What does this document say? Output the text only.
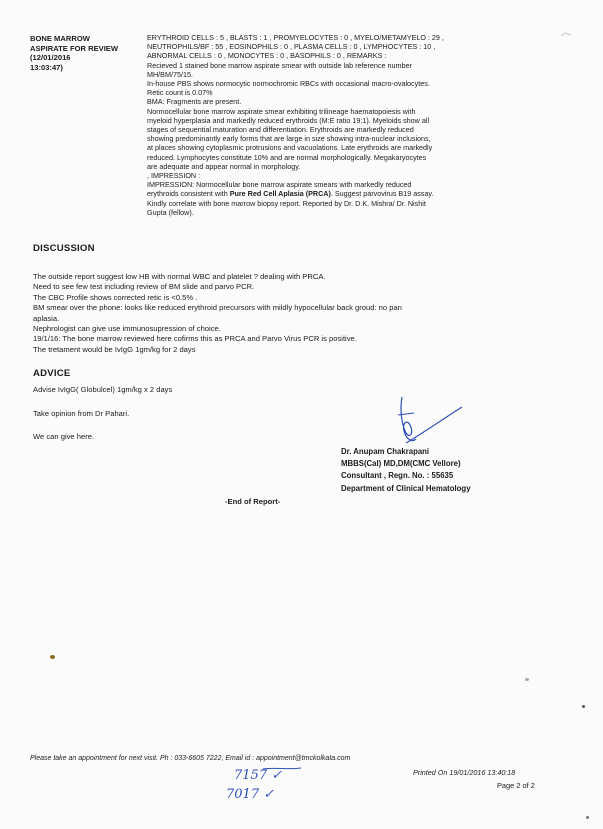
BONE MARROW
ASPIRATE FOR REVIEW
(12/01/2016
13:03:47)

ERYTHROID CELLS : 5 , BLASTS : 1 , PROMYELOCYTES : 0 , MYELO/METAMYELO : 29 ,

NEUTROPHILS/BF : 55 , EOSINOPHILS : 0 , PLASMA CELLS : 0 , LYMPHOCYTES : 10 ,

ABNORMAL CELLS : 0 , MONOCYTES : 0 , BASOPHILS : 0 , REMARKS :

Recieved 1 stained bone marrow aspirate smear with outside lab reference number

MH/BM/75/15.

In-house PBS shows normocytic normochromic RBCs with occasional macro-ovalocytes.

Retic count is 0.07%

BMA: Fragments are present.

Normocellular bone marrow aspirate smear exhibiting trilineage haematopoiesis with

myeloid hyperplasia and markedly reduced erythroids (M:E ratio 19:1). Myeloids show all

stages of sequential maturation and differentiation. Erythroids are markedly reduced

showing predominantly early forms that are large in size showing intra-nuclear inclusions,

at places showing cytoplasmic protrusions and vacuolations. Late erythroids are markedly

reduced. Lymphocytes constitute 10% and are normal morphologically. Megakaryocytes

are adequate and appear normal in morphology.

, IMPRESSION :

IMPRESSION: Normocellular bone marrow aspirate smears with markedly reduced

erythroids consistent with Pure Red Cell Aplasia (PRCA). Suggest parvovirus B19 assay.

Kindly correlate with bone marrow biopsy report. Reported by Dr. D.K. Mishra/ Dr. Nishit

Gupta (fellow).

DISCUSSION

The outside report suggest low HB with normal WBC and platelet ? dealing with PRCA.

Need to see few test including review of BM slide and parvo PCR.

The CBC Profile shows corrected retic is <0.5% .

BM smear over the phone: looks like reduced erythroid precursors with mildly hypocellular back groud: no pan

aplasia.

Nephrologist can give use immunosupression of choice.

19/1/16: The bone marrow reviewed here cofirms this as PRCA and Parvo Virus PCR is positive.

The tretament would be IvIgG 1gm/kg for 2 days

ADVICE

Advise IvIgG( Globulcel) 1gm/kg x 2 days

Take opinion from Dr Pahari.

We can give here.

Dr. Anupam Chakrapani
MBBS(Cal) MD,DM(CMC Vellore)
Consultant , Regn. No. : 55635
Department of Clinical Hematology
-End of Report-
Please take an appointment for next visit. Ph : 033-6605 7222, Email id : appointment@tmckolkata.com
Printed On 19/01/2016 13:40:18
Page 2 of 2
7157 ✓
7017 ✓
